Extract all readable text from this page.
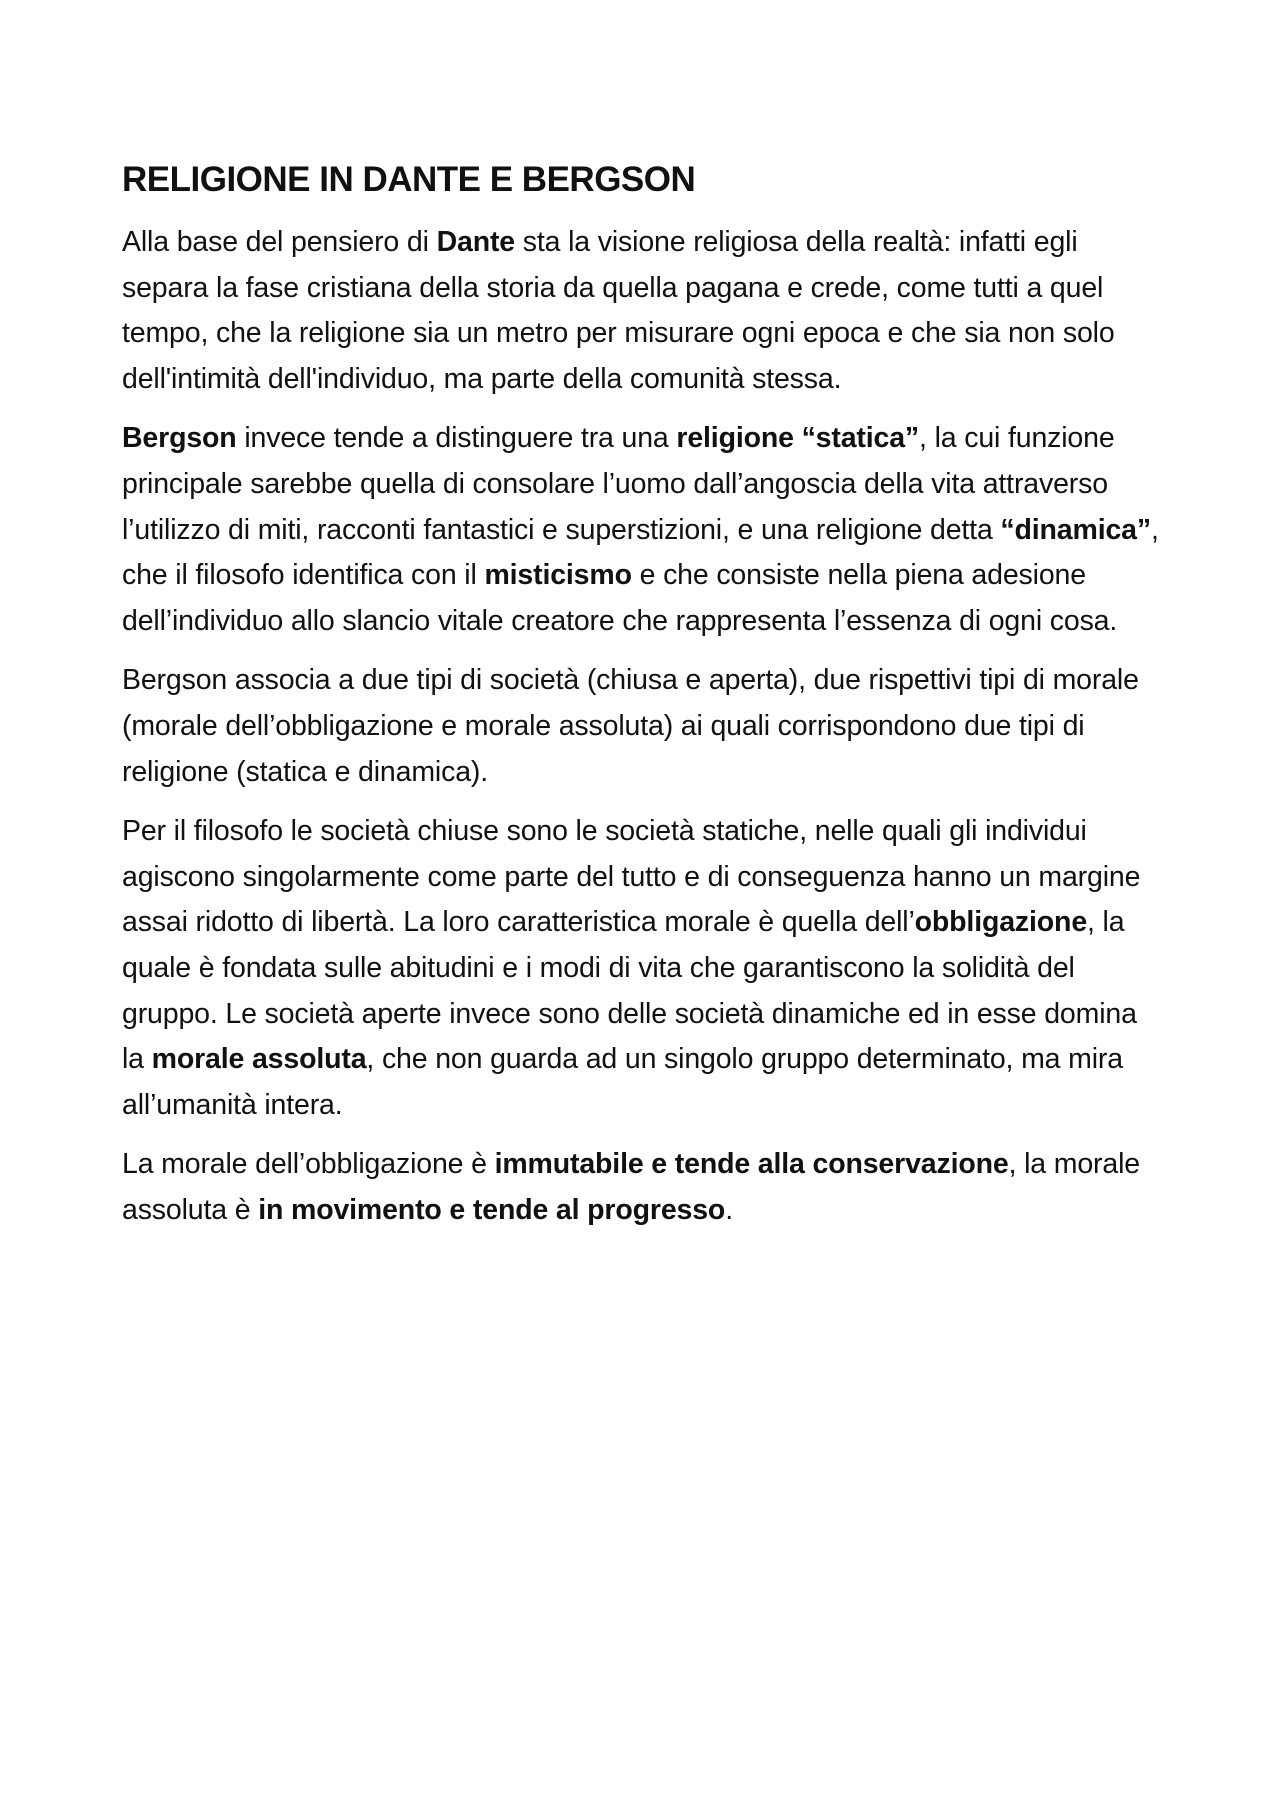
RELIGIONE IN DANTE E BERGSON

Alla base del pensiero di Dante sta la visione religiosa della realtà: infatti egli separa la fase cristiana della storia da quella pagana e crede, come tutti a quel tempo, che la religione sia un metro per misurare ogni epoca e che sia non solo dell'intimità dell'individuo, ma parte della comunità stessa.

Bergson invece tende a distinguere tra una religione “statica”, la cui funzione principale sarebbe quella di consolare l’uomo dall’angoscia della vita attraverso l’utilizzo di miti, racconti fantastici e superstizioni, e una religione detta “dinamica”, che il filosofo identifica con il misticismo e che consiste nella piena adesione dell’individuo allo slancio vitale creatore che rappresenta l’essenza di ogni cosa.

Bergson associa a due tipi di società (chiusa e aperta), due rispettivi tipi di morale (morale dell’obbligazione e morale assoluta) ai quali corrispondono due tipi di religione (statica e dinamica).

Per il filosofo le società chiuse sono le società statiche, nelle quali gli individui agiscono singolarmente come parte del tutto e di conseguenza hanno un margine assai ridotto di libertà. La loro caratteristica morale è quella dell’obbligazione, la quale è fondata sulle abitudini e i modi di vita che garantiscono la solidità del gruppo. Le società aperte invece sono delle società dinamiche ed in esse domina la morale assoluta, che non guarda ad un singolo gruppo determinato, ma mira all’umanità intera.

La morale dell’obbligazione è immutabile e tende alla conservazione, la morale assoluta è in movimento e tende al progresso.
